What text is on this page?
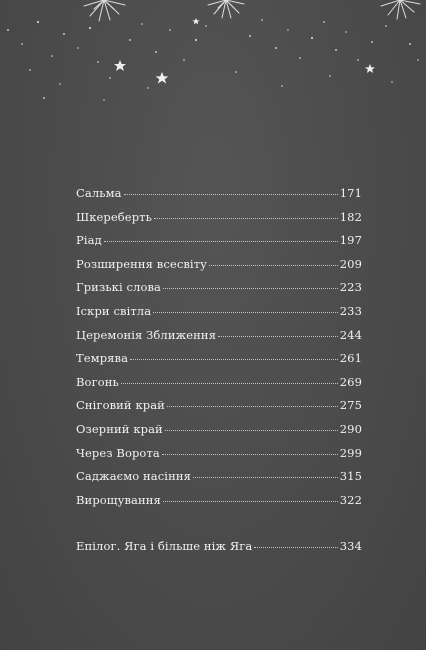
Сальма	171
Шкереберть	182
Ріад	197
Розширення всесвіту	209
Гризькі слова	223
Іскри світла	233
Церемонія Зближення	244
Темрява	261
Вогонь	269
Сніговий край	275
Озерний край	290
Через Ворота	299
Саджаємо насіння	315
Вирощування	322
Епілог. Яга і більше ніж Яга	334
